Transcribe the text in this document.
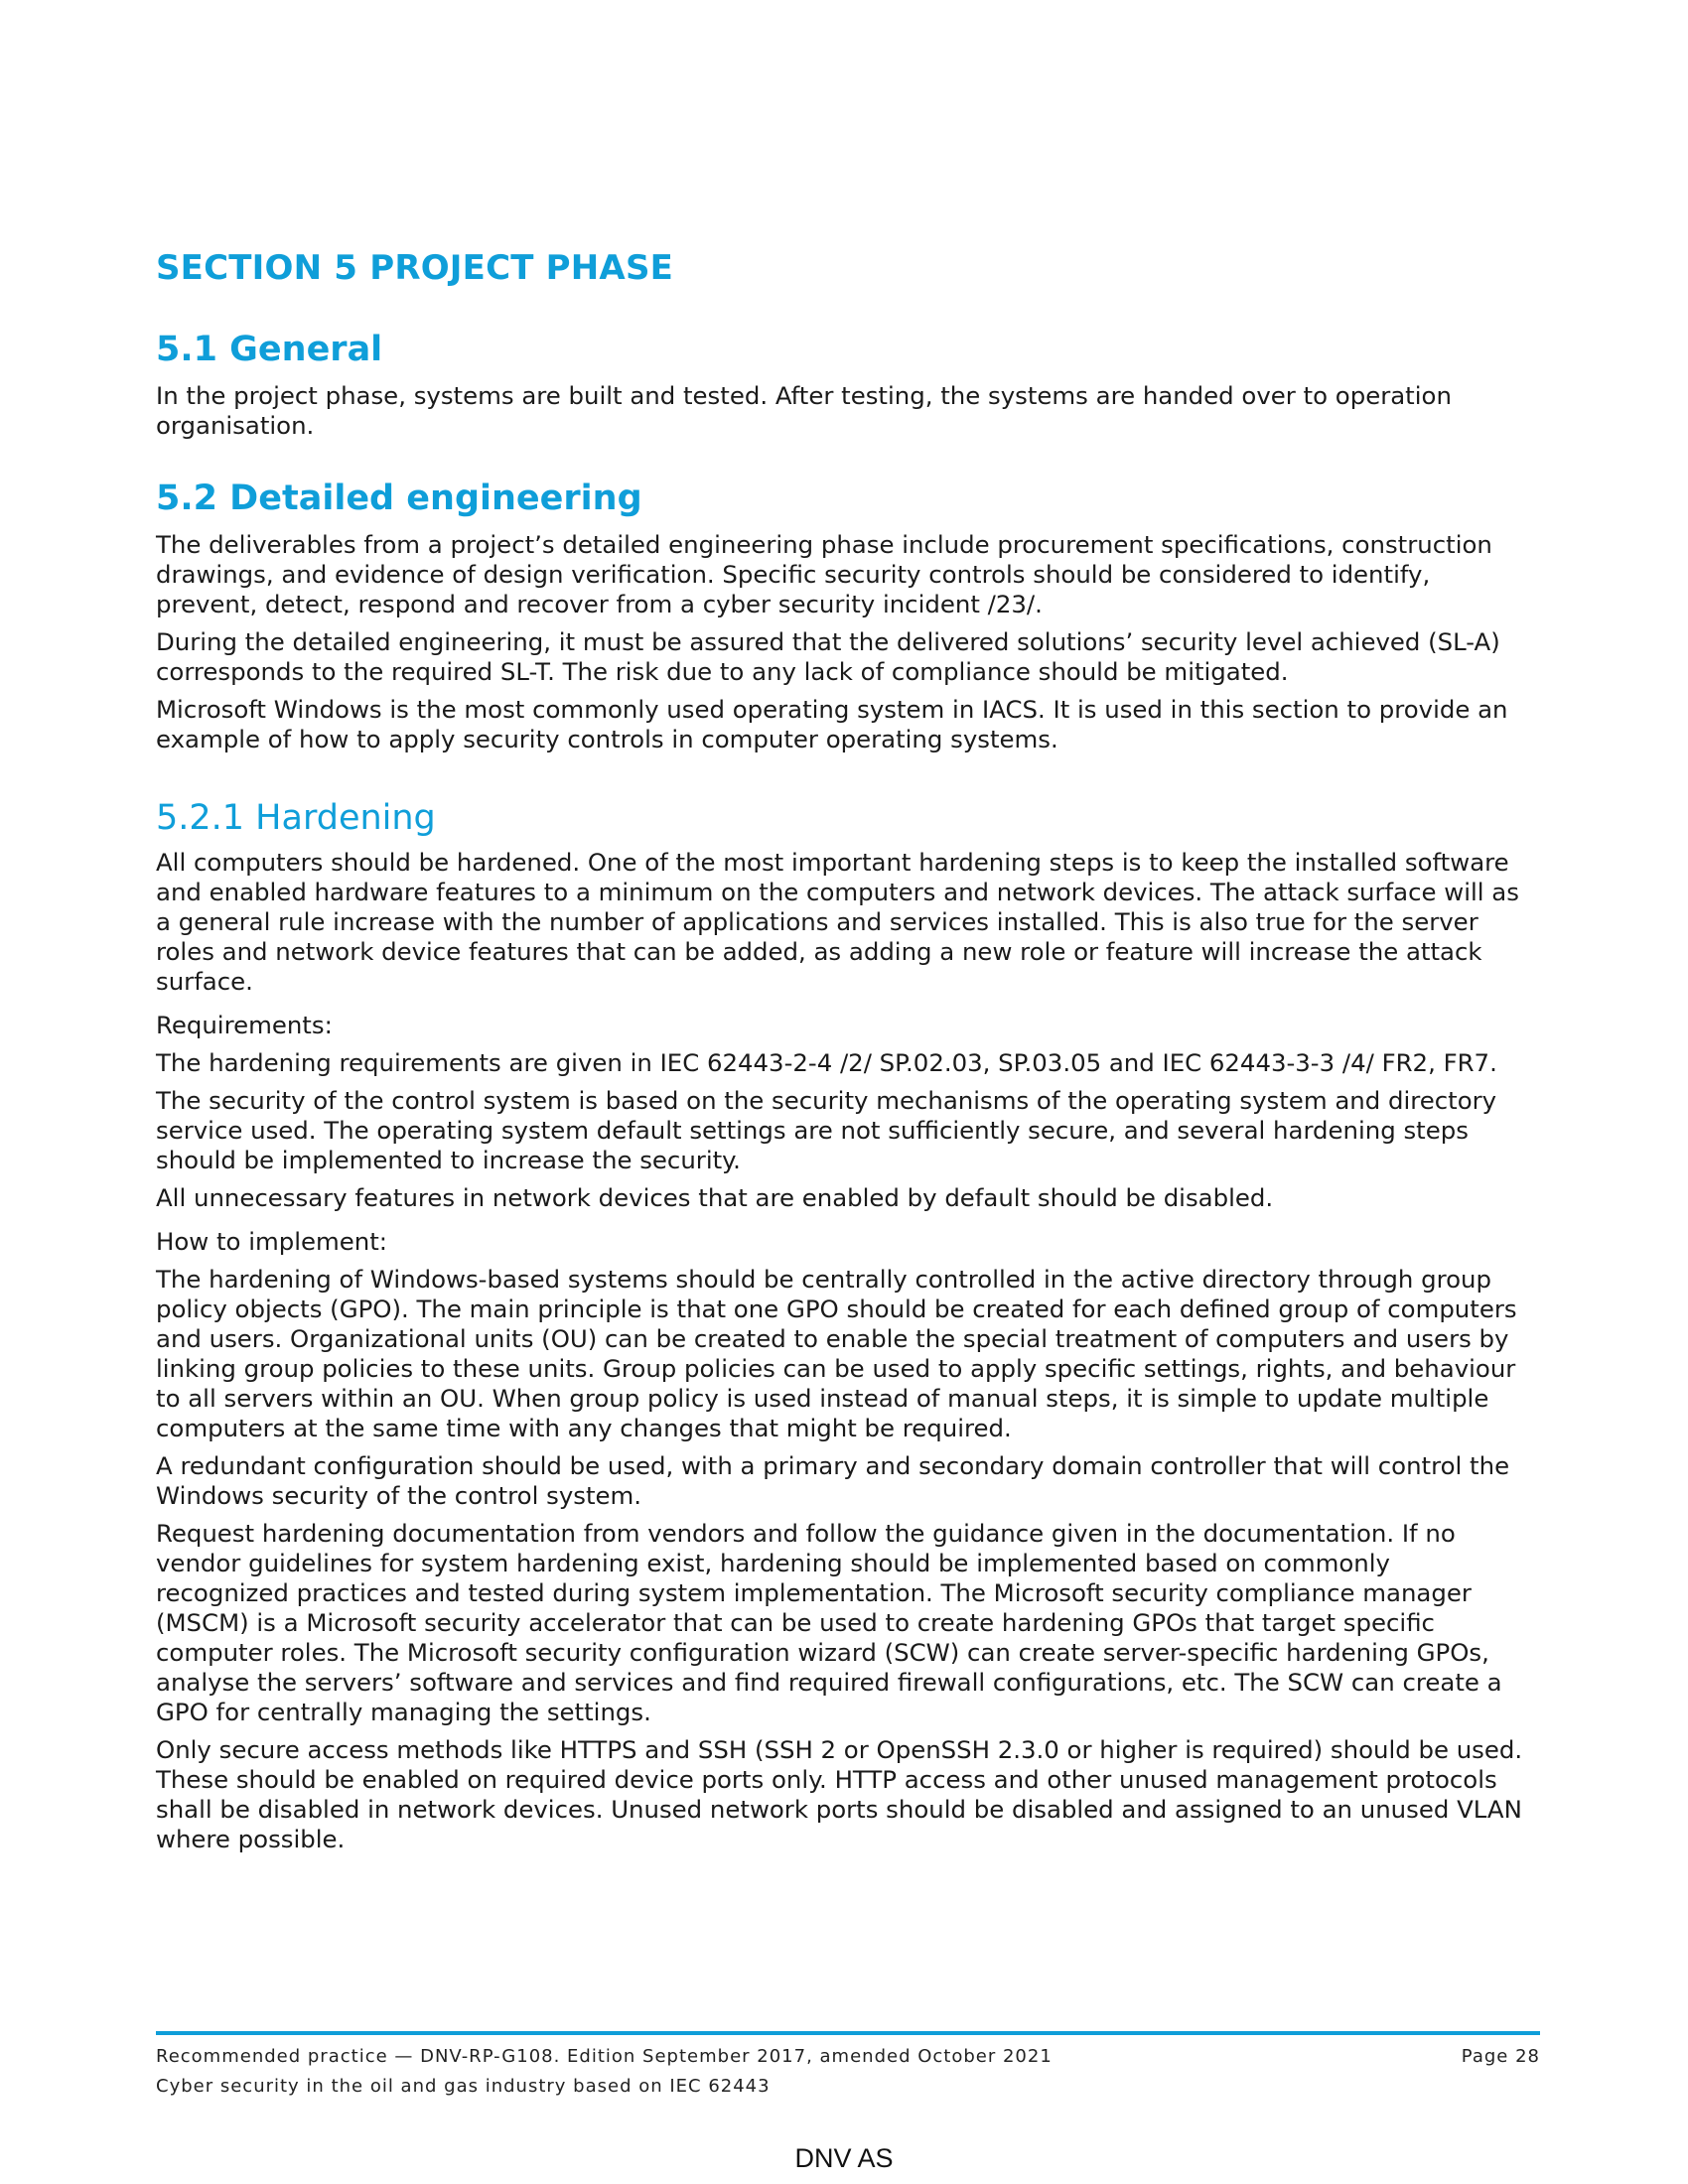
SECTION 5 PROJECT PHASE
5.1 General

In the project phase, systems are built and tested. After testing, the systems are handed over to operation organisation.

5.2 Detailed engineering

The deliverables from a project’s detailed engineering phase include procurement specifications, construction drawings, and evidence of design verification. Specific security controls should be considered to identify, prevent, detect, respond and recover from a cyber security incident /23/.

During the detailed engineering, it must be assured that the delivered solutions’ security level achieved (SL-A) corresponds to the required SL-T. The risk due to any lack of compliance should be mitigated.

Microsoft Windows is the most commonly used operating system in IACS. It is used in this section to provide an example of how to apply security controls in computer operating systems.

5.2.1 Hardening

All computers should be hardened. One of the most important hardening steps is to keep the installed software and enabled hardware features to a minimum on the computers and network devices. The attack surface will as a general rule increase with the number of applications and services installed. This is also true for the server roles and network device features that can be added, as adding a new role or feature will increase the attack surface.

Requirements:

The hardening requirements are given in IEC 62443-2-4 /2/ SP.02.03, SP.03.05 and IEC 62443-3-3 /4/ FR2, FR7.

The security of the control system is based on the security mechanisms of the operating system and directory service used. The operating system default settings are not sufficiently secure, and several hardening steps should be implemented to increase the security.

All unnecessary features in network devices that are enabled by default should be disabled.

How to implement:

The hardening of Windows-based systems should be centrally controlled in the active directory through group policy objects (GPO). The main principle is that one GPO should be created for each defined group of computers and users. Organizational units (OU) can be created to enable the special treatment of computers and users by linking group policies to these units. Group policies can be used to apply specific settings, rights, and behaviour to all servers within an OU. When group policy is used instead of manual steps, it is simple to update multiple computers at the same time with any changes that might be required.

A redundant configuration should be used, with a primary and secondary domain controller that will control the Windows security of the control system.

Request hardening documentation from vendors and follow the guidance given in the documentation. If no vendor guidelines for system hardening exist, hardening should be implemented based on commonly recognized practices and tested during system implementation. The Microsoft security compliance manager (MSCM) is a Microsoft security accelerator that can be used to create hardening GPOs that target specific computer roles. The Microsoft security configuration wizard (SCW) can create server-specific hardening GPOs, analyse the servers’ software and services and find required firewall configurations, etc. The SCW can create a GPO for centrally managing the settings.

Only secure access methods like HTTPS and SSH (SSH 2 or OpenSSH 2.3.0 or higher is required) should be used. These should be enabled on required device ports only. HTTP access and other unused management protocols shall be disabled in network devices. Unused network ports should be disabled and assigned to an unused VLAN where possible.

Recommended practice — DNV-RP-G108. Edition September 2017, amended October 2021	Page 28
Cyber security in the oil and gas industry based on IEC 62443
DNV AS
